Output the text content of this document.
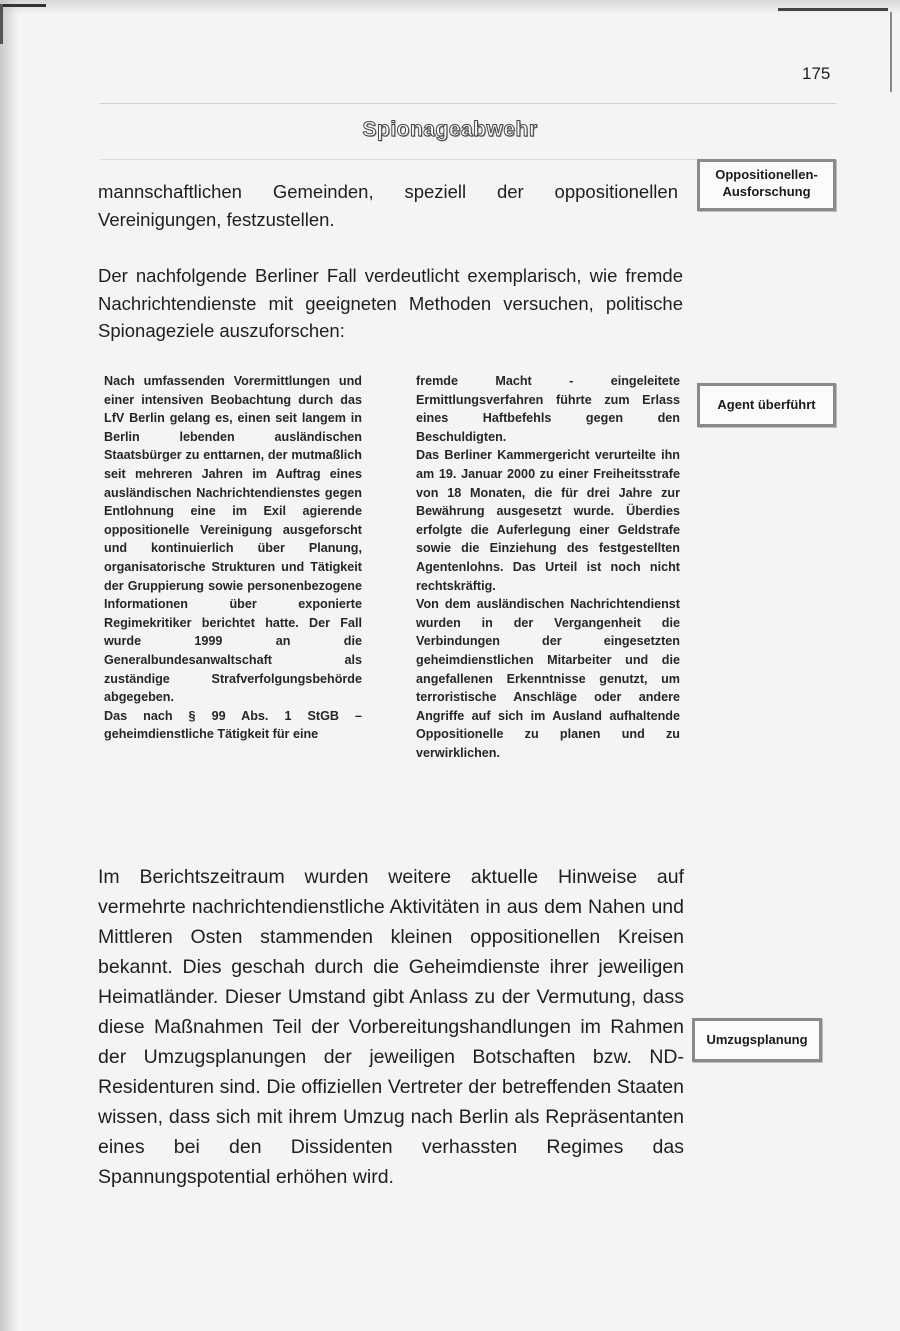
175
Spionageabwehr
mannschaftlichen Gemeinden, speziell der oppositionellen Vereinigungen, festzustellen.
Oppositionellen-
Ausforschung
Der nachfolgende Berliner Fall verdeutlicht exemplarisch, wie fremde Nachrichtendienste mit geeigneten Methoden versuchen, politische Spionageziele auszuforschen:
Nach umfassenden Vorermittlungen und einer intensiven Beobachtung durch das LfV Berlin gelang es, einen seit langem in Berlin lebenden ausländischen Staatsbürger zu enttarnen, der mutmaßlich seit mehreren Jahren im Auftrag eines ausländischen Nachrichtendienstes gegen Entlohnung eine im Exil agierende oppositionelle Vereinigung ausgeforscht und kontinuierlich über Planung, organisatorische Strukturen und Tätigkeit der Gruppierung sowie personenbezogene Informationen über exponierte Regimekritiker berichtet hatte. Der Fall wurde 1999 an die Generalbundesanwaltschaft als zuständige Strafverfolgungsbehörde abgegeben.
Das nach § 99 Abs. 1 StGB – geheimdienstliche Tätigkeit für eine
fremde Macht - eingeleitete Ermittlungsverfahren führte zum Erlass eines Haftbefehls gegen den Beschuldigten.
Das Berliner Kammergericht verurteilte ihn am 19. Januar 2000 zu einer Freiheitsstrafe von 18 Monaten, die für drei Jahre zur Bewährung ausgesetzt wurde. Überdies erfolgte die Auferlegung einer Geldstrafe sowie die Einziehung des festgestellten Agentenlohns. Das Urteil ist noch nicht rechtskräftig.
Von dem ausländischen Nachrichtendienst wurden in der Vergangenheit die Verbindungen der eingesetzten geheimdienstlichen Mitarbeiter und die angefallenen Erkenntnisse genutzt, um terroristische Anschläge oder andere Angriffe auf sich im Ausland aufhaltende Oppositionelle zu planen und zu verwirklichen.
Agent überführt
Im Berichtszeitraum wurden weitere aktuelle Hinweise auf vermehrte nachrichtendienstliche Aktivitäten in aus dem Nahen und Mittleren Osten stammenden kleinen oppositionellen Kreisen bekannt. Dies geschah durch die Geheimdienste ihrer jeweiligen Heimatländer. Dieser Umstand gibt Anlass zu der Vermutung, dass diese Maßnahmen Teil der Vorbereitungshandlungen im Rahmen der Umzugsplanungen der jeweiligen Botschaften bzw. ND-Residenturen sind. Die offiziellen Vertreter der betreffenden Staaten wissen, dass sich mit ihrem Umzug nach Berlin als Repräsentanten eines bei den Dissidenten verhassten Regimes das Spannungspotential erhöhen wird.
Umzugsplanung
